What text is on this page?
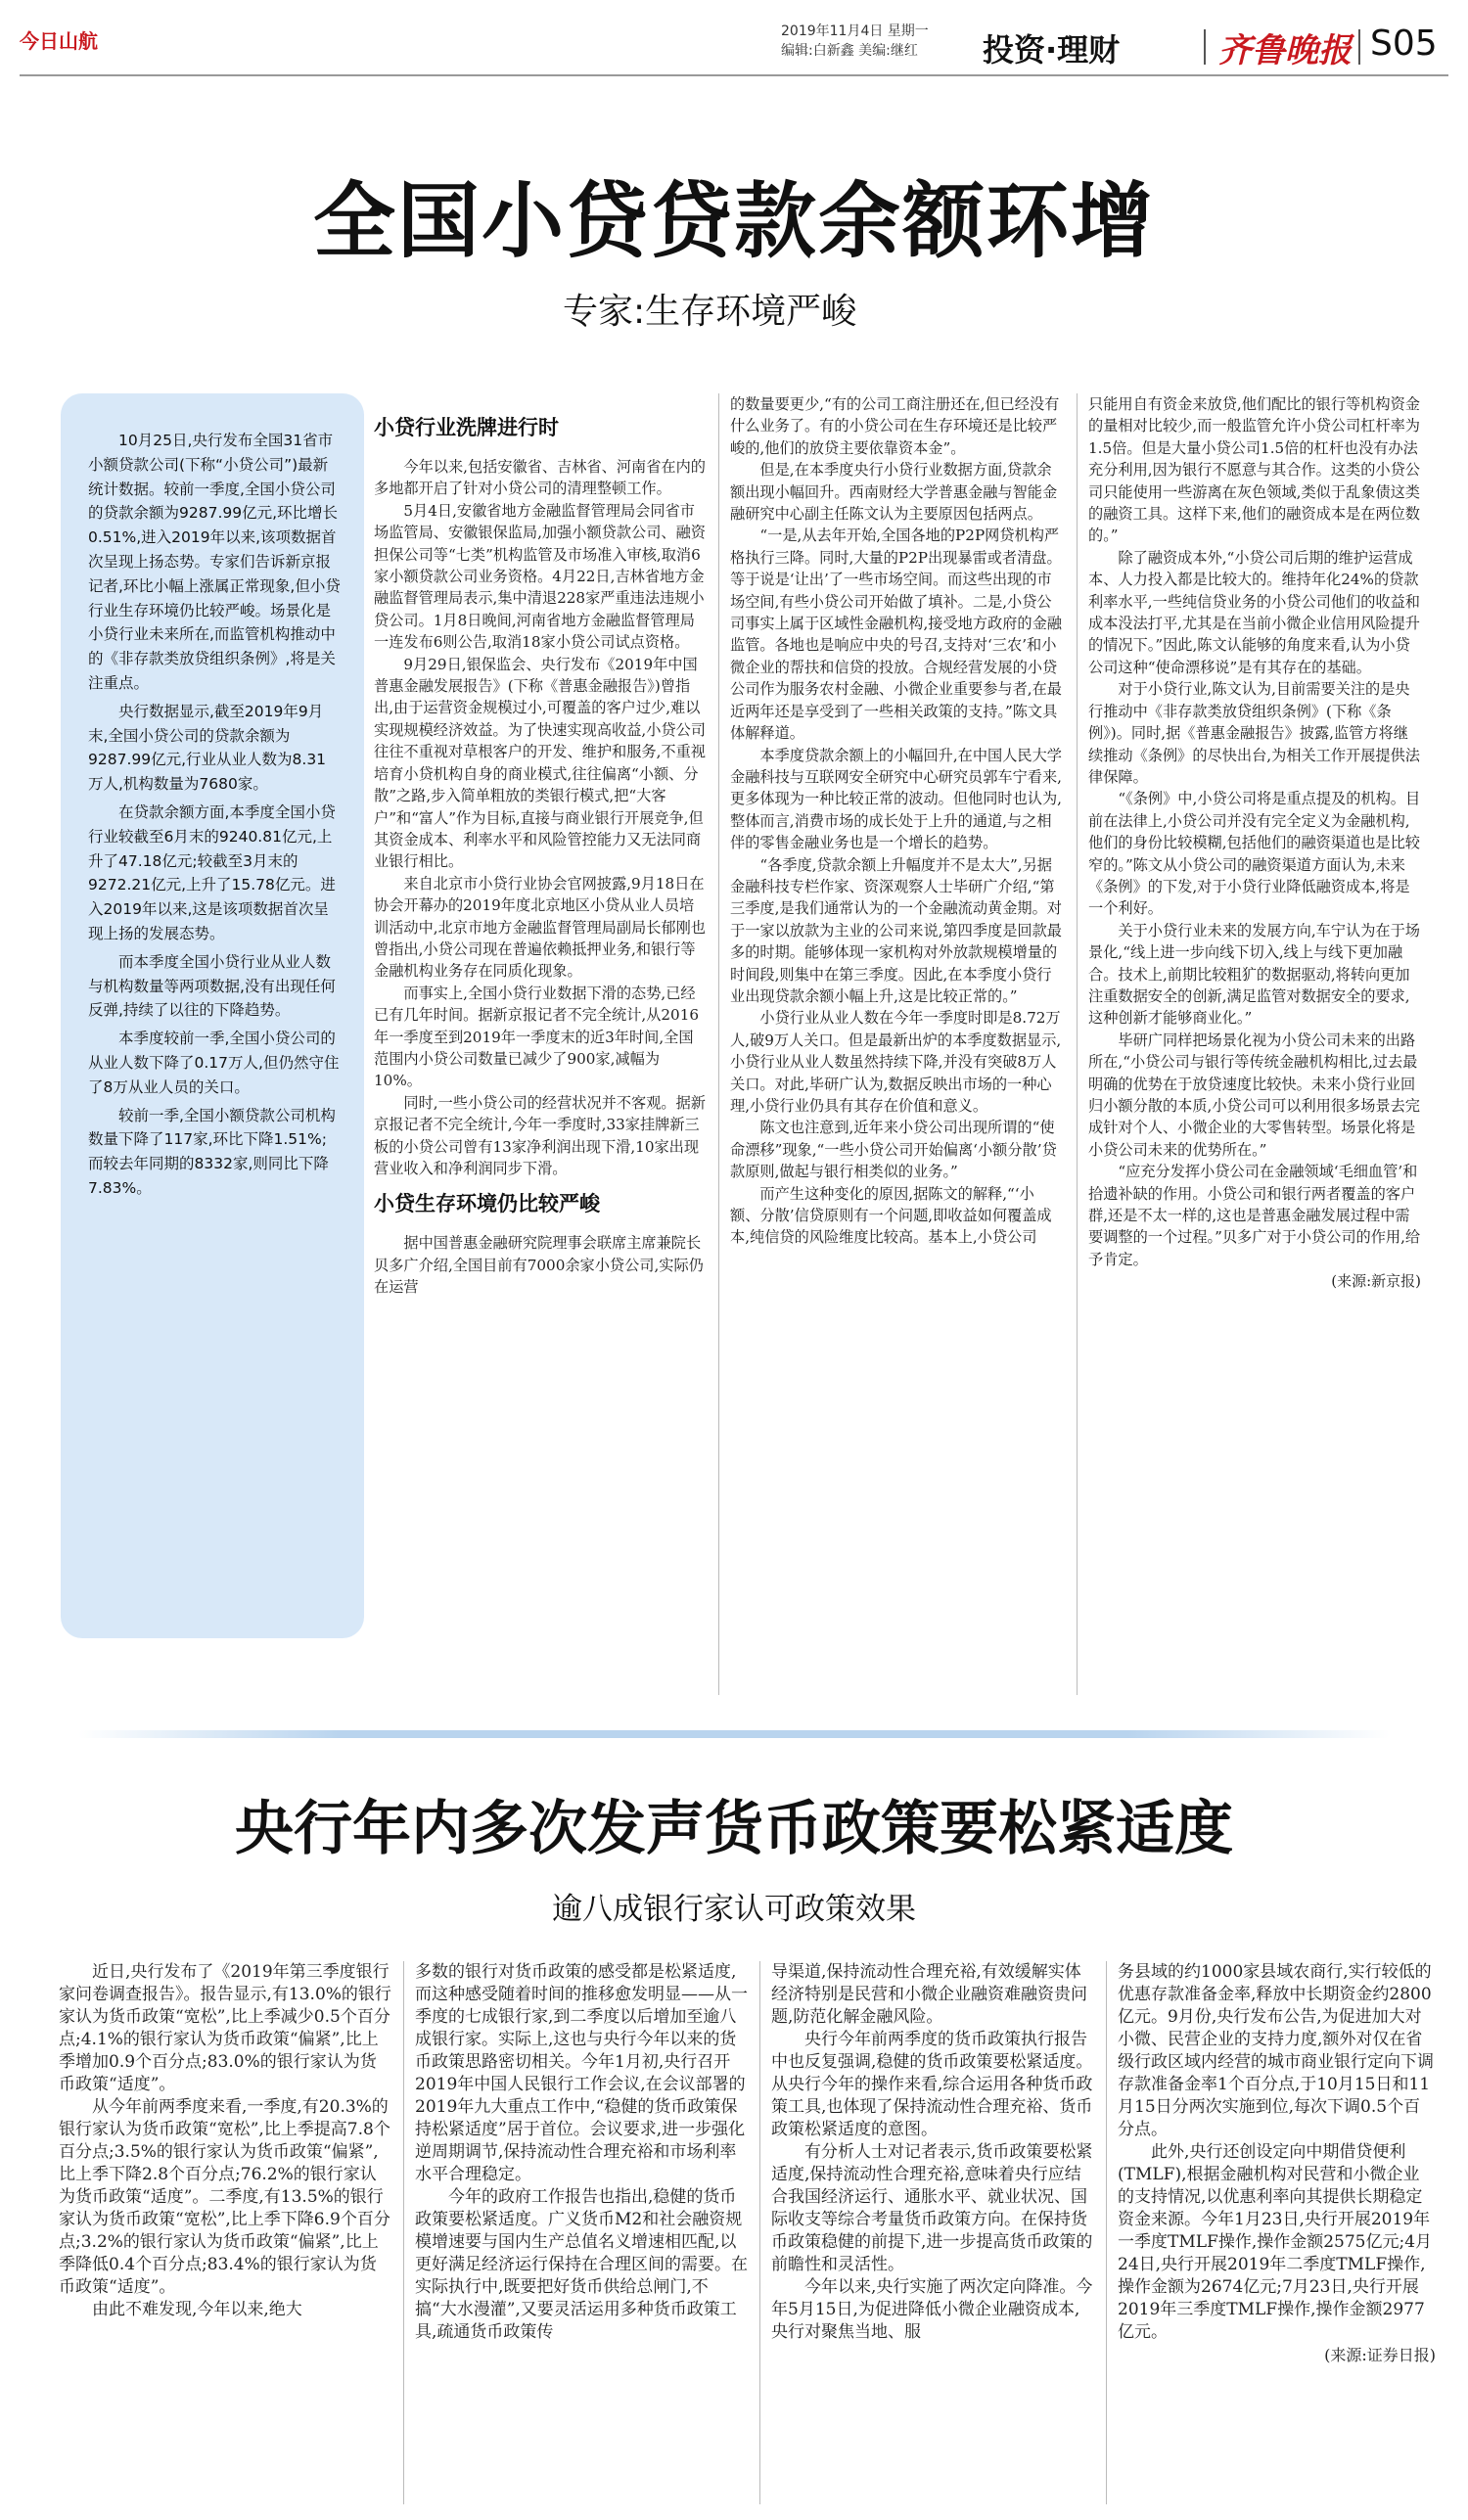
今日山航	2019年11月4日 星期一
编辑:白新鑫 美编:继红	投资·理财	齐鲁晚报 S05
全国小贷贷款余额环增
专家:生存环境严峻

10月25日,央行发布全国31省市小额贷款公司(下称“小贷公司”)最新统计数据。较前一季度,全国小贷公司的贷款余额为9287.99亿元,环比增长0.51%,进入2019年以来,该项数据首次呈现上扬态势。专家们告诉新京报记者,环比小幅上涨属正常现象,但小贷行业生存环境仍比较严峻。场景化是小贷行业未来所在,而监管机构推动中的《非存款类放贷组织条例》,将是关注重点。

央行数据显示,截至2019年9月末,全国小贷公司的贷款余额为9287.99亿元,行业从业人数为8.31万人,机构数量为7680家。

在贷款余额方面,本季度全国小贷行业较截至6月末的9240.81亿元,上升了47.18亿元;较截至3月末的9272.21亿元,上升了15.78亿元。进入2019年以来,这是该项数据首次呈现上扬的发展态势。

而本季度全国小贷行业从业人数与机构数量等两项数据,没有出现任何反弹,持续了以往的下降趋势。

本季度较前一季,全国小贷公司的从业人数下降了0.17万人,但仍然守住了8万从业人员的关口。

较前一季,全国小额贷款公司机构数量下降了117家,环比下降1.51%;而较去年同期的8332家,则同比下降7.83%。

小贷行业洗牌进行时

今年以来,包括安徽省、吉林省、河南省在内的多地都开启了针对小贷公司的清理整顿工作。

5月4日,安徽省地方金融监督管理局会同省市场监管局、安徽银保监局,加强小额贷款公司、融资担保公司等“七类”机构监管及市场准入审核,取消6家小额贷款公司业务资格。4月22日,吉林省地方金融监督管理局表示,集中清退228家严重违法违规小贷公司。1月8日晚间,河南省地方金融监督管理局一连发布6则公告,取消18家小贷公司试点资格。

9月29日,银保监会、央行发布《2019年中国普惠金融发展报告》(下称《普惠金融报告》)曾指出,由于运营资金规模过小,可覆盖的客户过少,难以实现规模经济效益。为了快速实现高收益,小贷公司往往不重视对草根客户的开发、维护和服务,不重视培育小贷机构自身的商业模式,往往偏离“小额、分散”之路,步入简单粗放的类银行模式,把“大客户”和“富人”作为目标,直接与商业银行开展竞争,但其资金成本、利率水平和风险管控能力又无法同商业银行相比。

来自北京市小贷行业协会官网披露,9月18日在协会开幕办的2019年度北京地区小贷从业人员培训活动中,北京市地方金融监督管理局副局长郁刚也曾指出,小贷公司现在普遍依赖抵押业务,和银行等金融机构业务存在同质化现象。

而事实上,全国小贷行业数据下滑的态势,已经已有几年时间。据新京报记者不完全统计,从2016年一季度至到2019年一季度末的近3年时间,全国范围内小贷公司数量已减少了900家,减幅为10%。

同时,一些小贷公司的经营状况并不客观。据新京报记者不完全统计,今年一季度时,33家挂牌新三板的小贷公司曾有13家净利润出现下滑,10家出现营业收入和净利润同步下滑。

小贷生存环境仍比较严峻

据中国普惠金融研究院理事会联席主席兼院长贝多广介绍,全国目前有7000余家小贷公司,实际仍在运营

的数量要更少,“有的公司工商注册还在,但已经没有什么业务了。有的小贷公司在生存环境还是比较严峻的,他们的放贷主要依靠资本金”。

但是,在本季度央行小贷行业数据方面,贷款余额出现小幅回升。西南财经大学普惠金融与智能金融研究中心副主任陈文认为主要原因包括两点。

“一是,从去年开始,全国各地的P2P网贷机构严格执行三降。同时,大量的P2P出现暴雷或者清盘。等于说是‘让出’了一些市场空间。而这些出现的市场空间,有些小贷公司开始做了填补。二是,小贷公司事实上属于区域性金融机构,接受地方政府的金融监管。各地也是响应中央的号召,支持对‘三农’和小微企业的帮扶和信贷的投放。合规经营发展的小贷公司作为服务农村金融、小微企业重要参与者,在最近两年还是享受到了一些相关政策的支持。”陈文具体解释道。

本季度贷款余额上的小幅回升,在中国人民大学金融科技与互联网安全研究中心研究员郭车宁看来,更多体现为一种比较正常的波动。但他同时也认为,整体而言,消费市场的成长处于上升的通道,与之相伴的零售金融业务也是一个增长的趋势。

“各季度,贷款余额上升幅度并不是太大”,另据金融科技专栏作家、资深观察人士毕研广介绍,“第三季度,是我们通常认为的一个金融流动黄金期。对于一家以放款为主业的公司来说,第四季度是回款最多的时期。能够体现一家机构对外放款规模增量的时间段,则集中在第三季度。因此,在本季度小贷行业出现贷款余额小幅上升,这是比较正常的。”

小贷行业从业人数在今年一季度时即是8.72万人,破9万人关口。但是最新出炉的本季度数据显示,小贷行业从业人数虽然持续下降,并没有突破8万人关口。对此,毕研广认为,数据反映出市场的一种心理,小贷行业仍具有其存在价值和意义。

陈文也注意到,近年来小贷公司出现所谓的“使命漂移”现象,“一些小贷公司开始偏离‘小额分散’贷款原则,做起与银行相类似的业务。”

而产生这种变化的原因,据陈文的解释,“‘小额、分散’信贷原则有一个问题,即收益如何覆盖成本,纯信贷的风险维度比较高。基本上,小贷公司

只能用自有资金来放贷,他们配比的银行等机构资金的量相对比较少,而一般监管允许小贷公司杠杆率为1.5倍。但是大量小贷公司1.5倍的杠杆也没有办法充分利用,因为银行不愿意与其合作。这类的小贷公司只能使用一些游离在灰色领域,类似于乱象债这类的融资工具。这样下来,他们的融资成本是在两位数的。”

除了融资成本外,“小贷公司后期的维护运营成本、人力投入都是比较大的。维持年化24%的贷款利率水平,一些纯信贷业务的小贷公司他们的收益和成本没法打平,尤其是在当前小微企业信用风险提升的情况下。”因此,陈文认能够的角度来看,认为小贷公司这种“使命漂移说”是有其存在的基础。

对于小贷行业,陈文认为,目前需要关注的是央行推动中《非存款类放贷组织条例》(下称《条例》)。同时,据《普惠金融报告》披露,监管方将继续推动《条例》的尽快出台,为相关工作开展提供法律保障。

“《条例》中,小贷公司将是重点提及的机构。目前在法律上,小贷公司并没有完全定义为金融机构,他们的身份比较模糊,包括他们的融资渠道也是比较窄的。”陈文从小贷公司的融资渠道方面认为,未来《条例》的下发,对于小贷行业降低融资成本,将是一个利好。

关于小贷行业未来的发展方向,车宁认为在于场景化,“线上进一步向线下切入,线上与线下更加融合。技术上,前期比较粗犷的数据驱动,将转向更加注重数据安全的创新,满足监管对数据安全的要求,这种创新才能够商业化。”

毕研广同样把场景化视为小贷公司未来的出路所在,“小贷公司与银行等传统金融机构相比,过去最明确的优势在于放贷速度比较快。未来小贷行业回归小额分散的本质,小贷公司可以利用很多场景去完成针对个人、小微企业的大零售转型。场景化将是小贷公司未来的优势所在。”

“应充分发挥小贷公司在金融领域‘毛细血管’和拾遗补缺的作用。小贷公司和银行两者覆盖的客户群,还是不太一样的,这也是普惠金融发展过程中需要调整的一个过程。”贝多广对于小贷公司的作用,给予肯定。

(来源:新京报)

央行年内多次发声货币政策要松紧适度
逾八成银行家认可政策效果

近日,央行发布了《2019年第三季度银行家问卷调查报告》。报告显示,有13.0%的银行家认为货币政策“宽松”,比上季减少0.5个百分点;4.1%的银行家认为货币政策“偏紧”,比上季增加0.9个百分点;83.0%的银行家认为货币政策“适度”。

从今年前两季度来看,一季度,有20.3%的银行家认为货币政策“宽松”,比上季提高7.8个百分点;3.5%的银行家认为货币政策“偏紧”,比上季下降2.8个百分点;76.2%的银行家认为货币政策“适度”。二季度,有13.5%的银行家认为货币政策“宽松”,比上季下降6.9个百分点;3.2%的银行家认为货币政策“偏紧”,比上季降低0.4个百分点;83.4%的银行家认为货币政策“适度”。

由此不难发现,今年以来,绝大

多数的银行对货币政策的感受都是松紧适度,而这种感受随着时间的推移愈发明显——从一季度的七成银行家,到二季度以后增加至逾八成银行家。实际上,这也与央行今年以来的货币政策思路密切相关。今年1月初,央行召开2019年中国人民银行工作会议,在会议部署的2019年九大重点工作中,“稳健的货币政策保持松紧适度”居于首位。会议要求,进一步强化逆周期调节,保持流动性合理充裕和市场利率水平合理稳定。

今年的政府工作报告也指出,稳健的货币政策要松紧适度。广义货币M2和社会融资规模增速要与国内生产总值名义增速相匹配,以更好满足经济运行保持在合理区间的需要。在实际执行中,既要把好货币供给总闸门,不搞“大水漫灌”,又要灵活运用多种货币政策工具,疏通货币政策传

导渠道,保持流动性合理充裕,有效缓解实体经济特别是民营和小微企业融资难融资贵问题,防范化解金融风险。

央行今年前两季度的货币政策执行报告中也反复强调,稳健的货币政策要松紧适度。从央行今年的操作来看,综合运用各种货币政策工具,也体现了保持流动性合理充裕、货币政策松紧适度的意图。

有分析人士对记者表示,货币政策要松紧适度,保持流动性合理充裕,意味着央行应结合我国经济运行、通胀水平、就业状况、国际收支等综合考量货币政策方向。在保持货币政策稳健的前提下,进一步提高货币政策的前瞻性和灵活性。

今年以来,央行实施了两次定向降准。今年5月15日,为促进降低小微企业融资成本,央行对聚焦当地、服

务县域的约1000家县域农商行,实行较低的优惠存款准备金率,释放中长期资金约2800亿元。9月份,央行发布公告,为促进加大对小微、民营企业的支持力度,额外对仅在省级行政区域内经营的城市商业银行定向下调存款准备金率1个百分点,于10月15日和11月15日分两次实施到位,每次下调0.5个百分点。

此外,央行还创设定向中期借贷便利(TMLF),根据金融机构对民营和小微企业的支持情况,以优惠利率向其提供长期稳定资金来源。今年1月23日,央行开展2019年一季度TMLF操作,操作金额2575亿元;4月24日,央行开展2019年二季度TMLF操作,操作金额为2674亿元;7月23日,央行开展2019年三季度TMLF操作,操作金额2977亿元。

(来源:证券日报)
